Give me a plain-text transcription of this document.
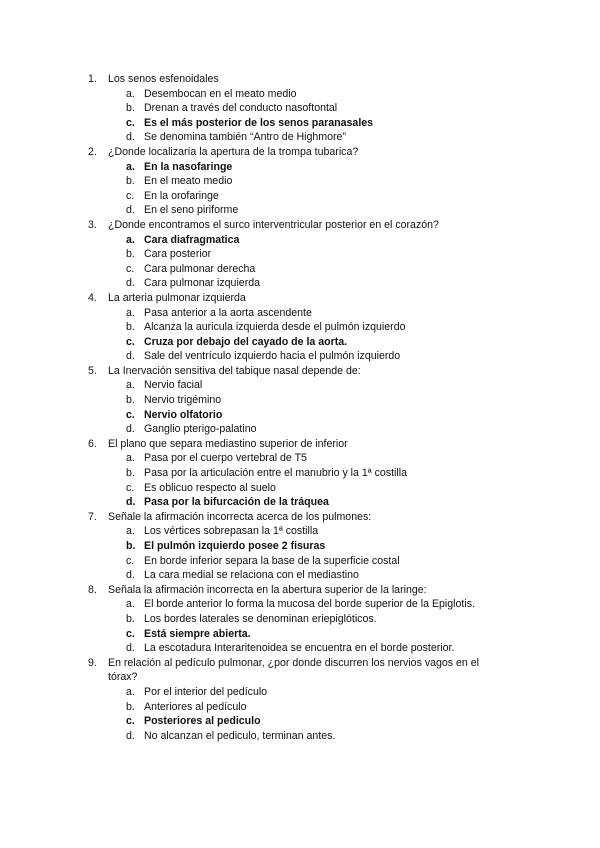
1. Los senos esfenoidales
a. Desembocan en el meato medio
b. Drenan a través del conducto nasoftontal
c. Es el más posterior de los senos paranasales
d. Se denomina también “Antro de Highmore”
2. ¿Donde localizaría la apertura de la trompa tubarica?
a. En la nasofaringe
b. En el meato medio
c. En la orofaringe
d. En el seno piriforme
3. ¿Donde encontramos el surco interventricular posterior en el corazón?
a. Cara diafragmatica
b. Cara posterior
c. Cara pulmonar derecha
d. Cara pulmonar izquierda
4. La arteria pulmonar izquierda
a. Pasa anterior a la aorta ascendente
b. Alcanza la auricula izquierda desde el pulmón izquierdo
c. Cruza por debajo del cayado de la aorta.
d. Sale del ventrículo izquierdo hacia el pulmón izquierdo
5. La Inervación sensitiva del tabique nasal depende de:
a. Nervio facial
b. Nervio trigémino
c. Nervio olfatorio
d. Ganglio pterigo-palatino
6. El plano que separa mediastino superior de inferior
a. Pasa por el cuerpo vertebral de T5
b. Pasa por la articulación entre el manubrio y la 1ª costilla
c. Es oblicuo respecto al suelo
d. Pasa por la bifurcación de la tráquea
7. Señale la afirmación incorrecta acerca de los pulmones:
a. Los vértices sobrepasan la 1ª costilla
b. El pulmón izquierdo posee 2 fisuras
c. En borde inferior separa la base de la superficie costal
d. La cara medial se relaciona con el mediastino
8. Señala la afirmación incorrecta en la abertura superior de la laringe:
a. El borde anterior lo forma la mucosa del borde superior de la Epiglotis.
b. Los bordes laterales se denominan eriepiglóticos.
c. Está siempre abierta.
d. La escotadura Interaritenoidea se encuentra en el borde posterior.
9. En relación al pedículo pulmonar, ¿por donde discurren los nervios vagos en el tórax?
a. Por el interior del pedículo
b. Anteriores al pedículo
c. Posteriores al pediculo
d. No alcanzan el pediculo, terminan antes.
